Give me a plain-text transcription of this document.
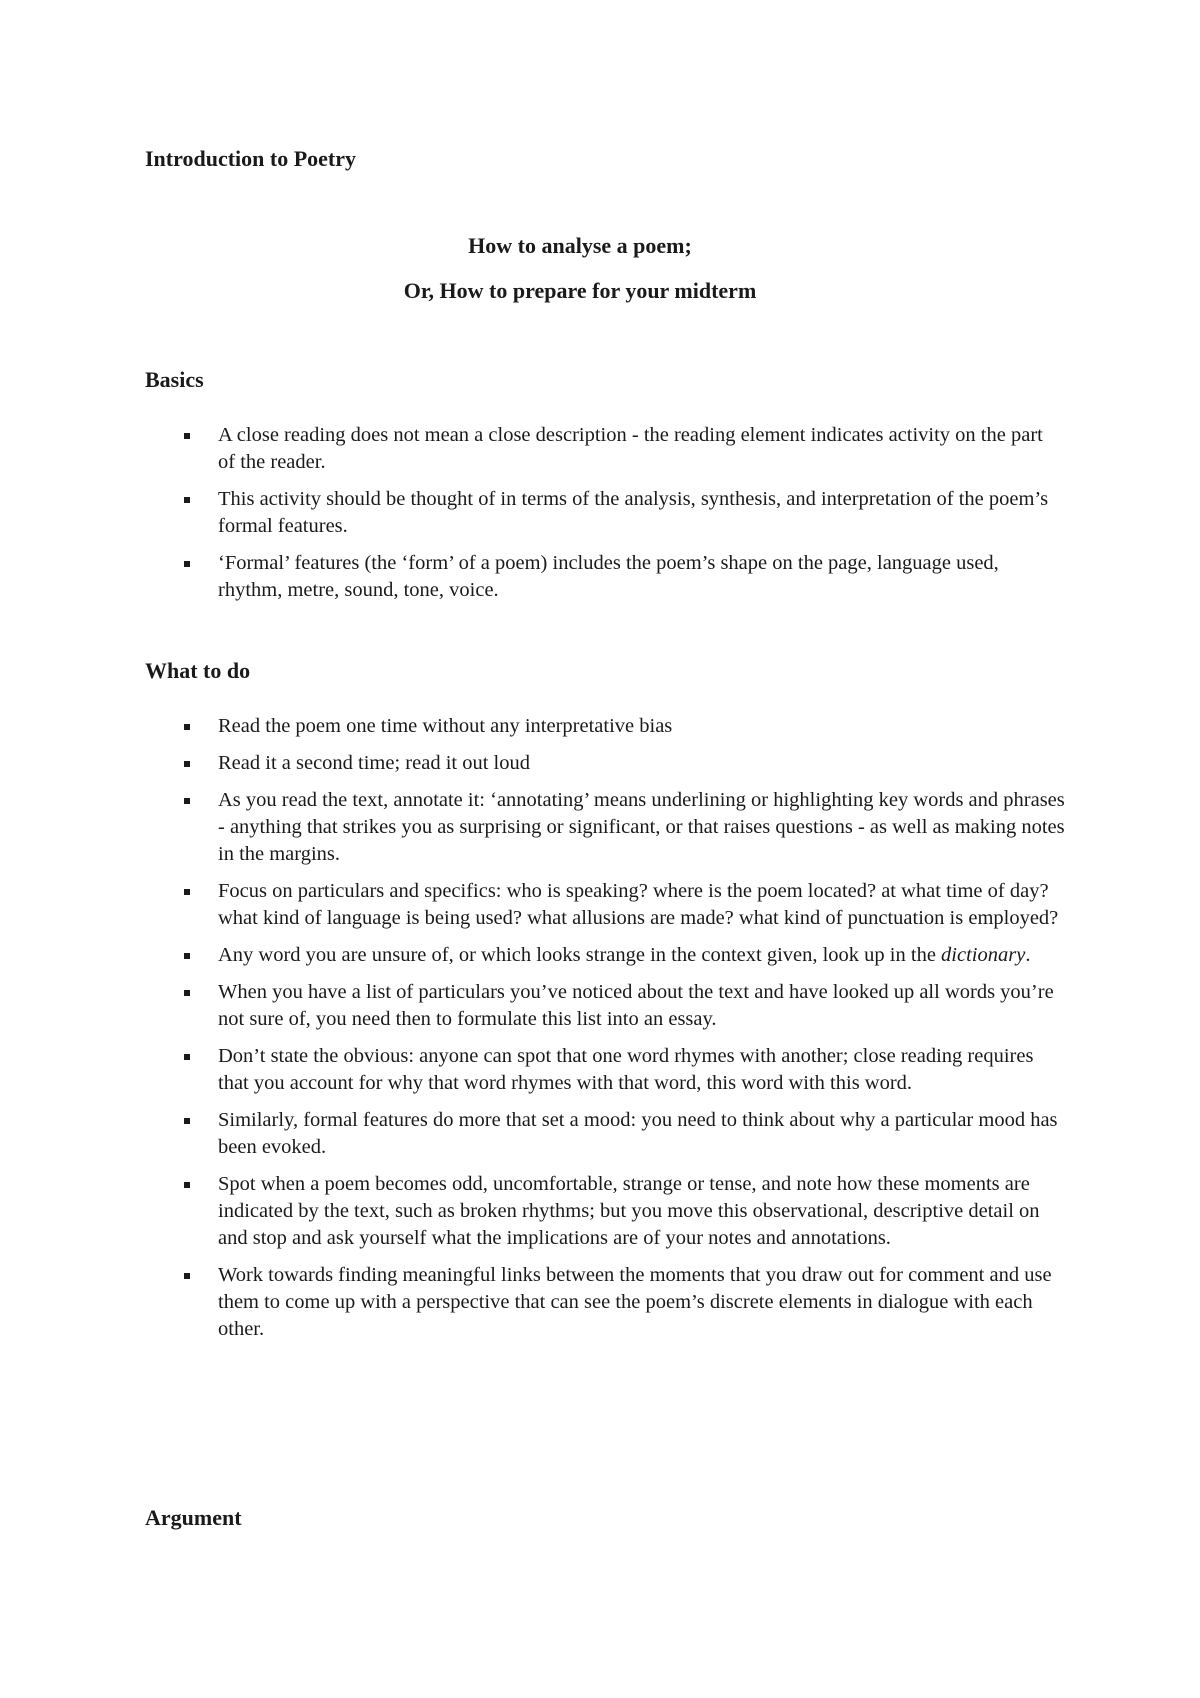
Introduction to Poetry
How to analyse a poem;
Or, How to prepare for your midterm
Basics
A close reading does not mean a close description - the reading element indicates activity on the part of the reader.
This activity should be thought of in terms of the analysis, synthesis, and interpretation of the poem’s formal features.
‘Formal’ features (the ‘form’ of a poem) includes the poem’s shape on the page, language used, rhythm, metre, sound, tone, voice.
What to do
Read the poem one time without any interpretative bias
Read it a second time; read it out loud
As you read the text, annotate it: ‘annotating’ means underlining or highlighting key words and phrases - anything that strikes you as surprising or significant, or that raises questions - as well as making notes in the margins.
Focus on particulars and specifics: who is speaking? where is the poem located? at what time of day? what kind of language is being used? what allusions are made? what kind of punctuation is employed?
Any word you are unsure of, or which looks strange in the context given, look up in the dictionary.
When you have a list of particulars you’ve noticed about the text and have looked up all words you’re not sure of, you need then to formulate this list into an essay.
Don’t state the obvious: anyone can spot that one word rhymes with another; close reading requires that you account for why that word rhymes with that word, this word with this word.
Similarly, formal features do more that set a mood: you need to think about why a particular mood has been evoked.
Spot when a poem becomes odd, uncomfortable, strange or tense, and note how these moments are indicated by the text, such as broken rhythms; but you move this observational, descriptive detail on and stop and ask yourself what the implications are of your notes and annotations.
Work towards finding meaningful links between the moments that you draw out for comment and use them to come up with a perspective that can see the poem’s discrete elements in dialogue with each other.
Argument
